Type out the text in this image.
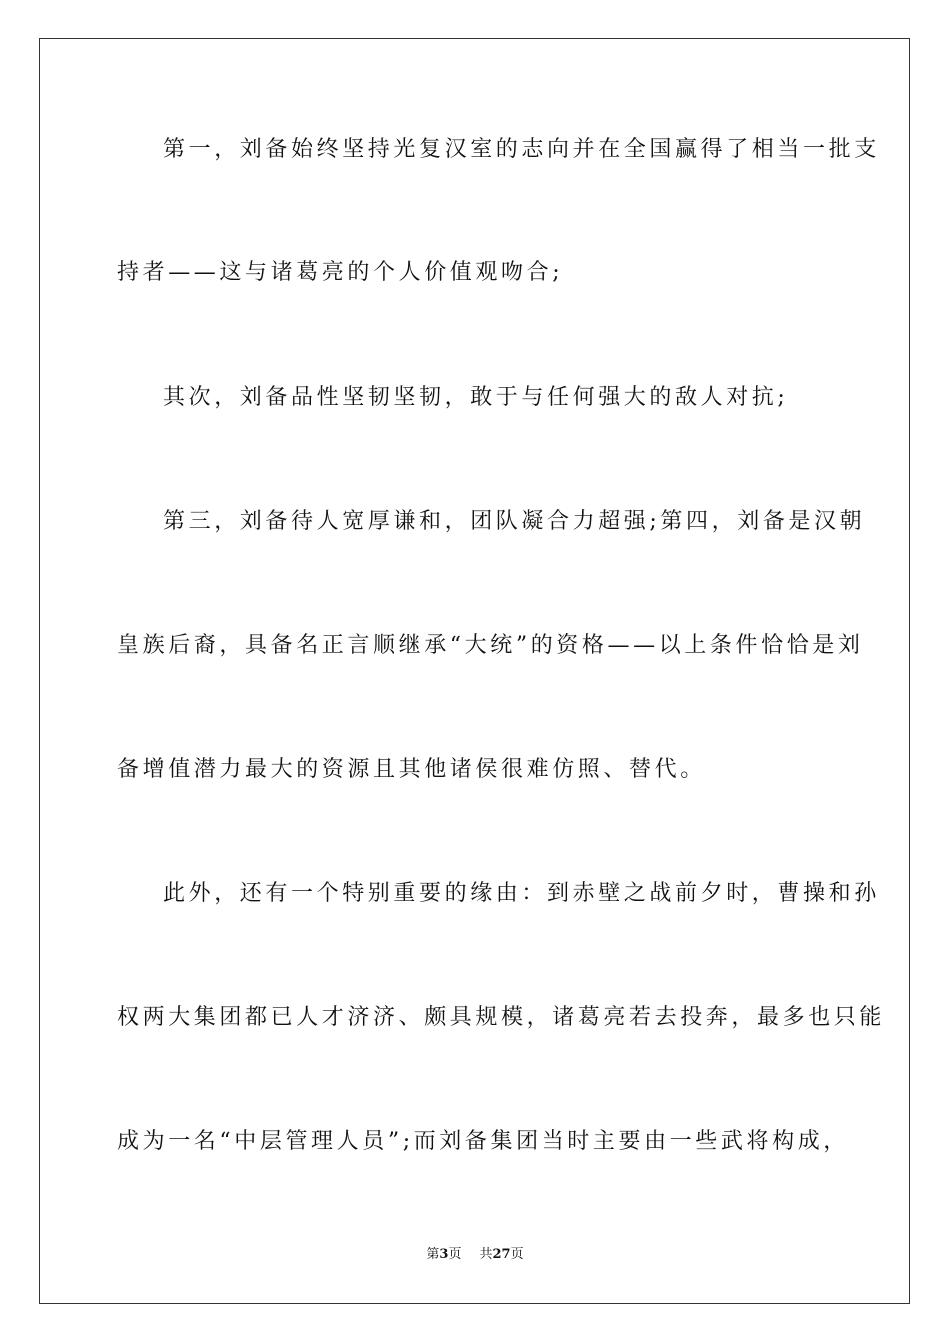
第一，刘备始终坚持光复汉室的志向并在全国赢得了相当一批支
持者——这与诸葛亮的个人价值观吻合;
其次，刘备品性坚韧坚韧，敢于与任何强大的敌人对抗;
第三，刘备待人宽厚谦和，团队凝合力超强;第四，刘备是汉朝
皇族后裔，具备名正言顺继承“大统”的资格——以上条件恰恰是刘
备增值潜力最大的资源且其他诸侯很难仿照、替代。
此外，还有一个特别重要的缘由：到赤壁之战前夕时，曹操和孙
权两大集团都已人才济济、颇具规模，诸葛亮若去投奔，最多也只能
成为一名“中层管理人员”;而刘备集团当时主要由一些武将构成，
第3页 共27页
